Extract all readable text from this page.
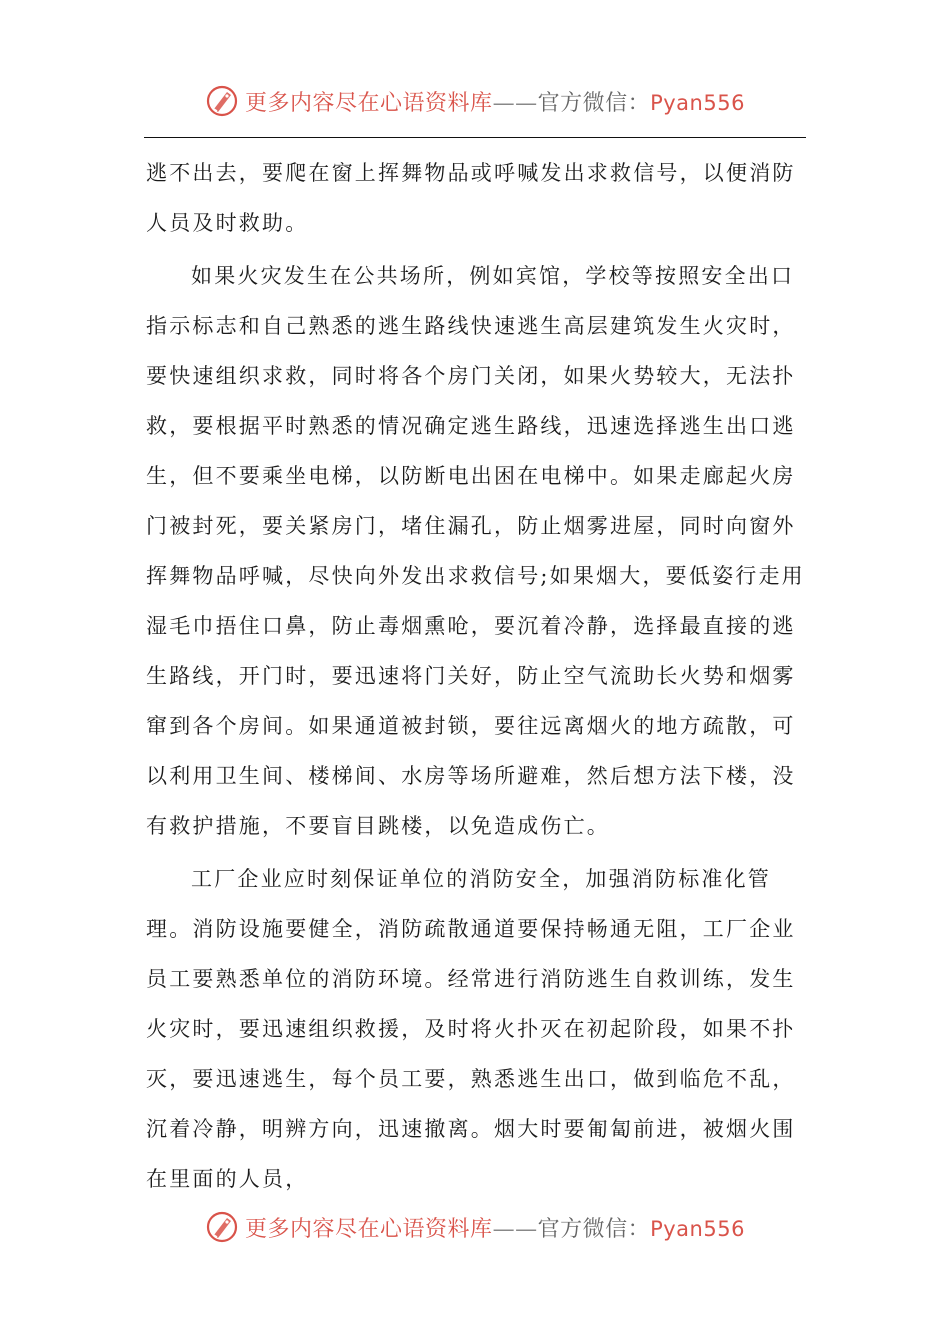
更多内容尽在心语资料库——官方微信：Pyan556

逃不出去，要爬在窗上挥舞物品或呼喊发出求救信号，以便消防人员及时救助。

如果火灾发生在公共场所，例如宾馆，学校等按照安全出口指示标志和自己熟悉的逃生路线快速逃生高层建筑发生火灾时，要快速组织求救，同时将各个房门关闭，如果火势较大，无法扑救，要根据平时熟悉的情况确定逃生路线，迅速选择逃生出口逃生，但不要乘坐电梯，以防断电出困在电梯中。如果走廊起火房门被封死，要关紧房门，堵住漏孔，防止烟雾进屋，同时向窗外挥舞物品呼喊，尽快向外发出求救信号;如果烟大，要低姿行走用湿毛巾捂住口鼻，防止毒烟熏呛，要沉着冷静，选择最直接的逃生路线，开门时，要迅速将门关好，防止空气流助长火势和烟雾窜到各个房间。如果通道被封锁，要往远离烟火的地方疏散，可以利用卫生间、楼梯间、水房等场所避难，然后想方法下楼，没有救护措施，不要盲目跳楼，以免造成伤亡。

工厂企业应时刻保证单位的消防安全，加强消防标准化管理。消防设施要健全，消防疏散通道要保持畅通无阻，工厂企业员工要熟悉单位的消防环境。经常进行消防逃生自救训练，发生火灾时，要迅速组织救援，及时将火扑灭在初起阶段，如果不扑灭，要迅速逃生，每个员工要，熟悉逃生出口，做到临危不乱，沉着冷静，明辨方向，迅速撤离。烟大时要匍匐前进，被烟火围在里面的人员，

更多内容尽在心语资料库——官方微信：Pyan556
